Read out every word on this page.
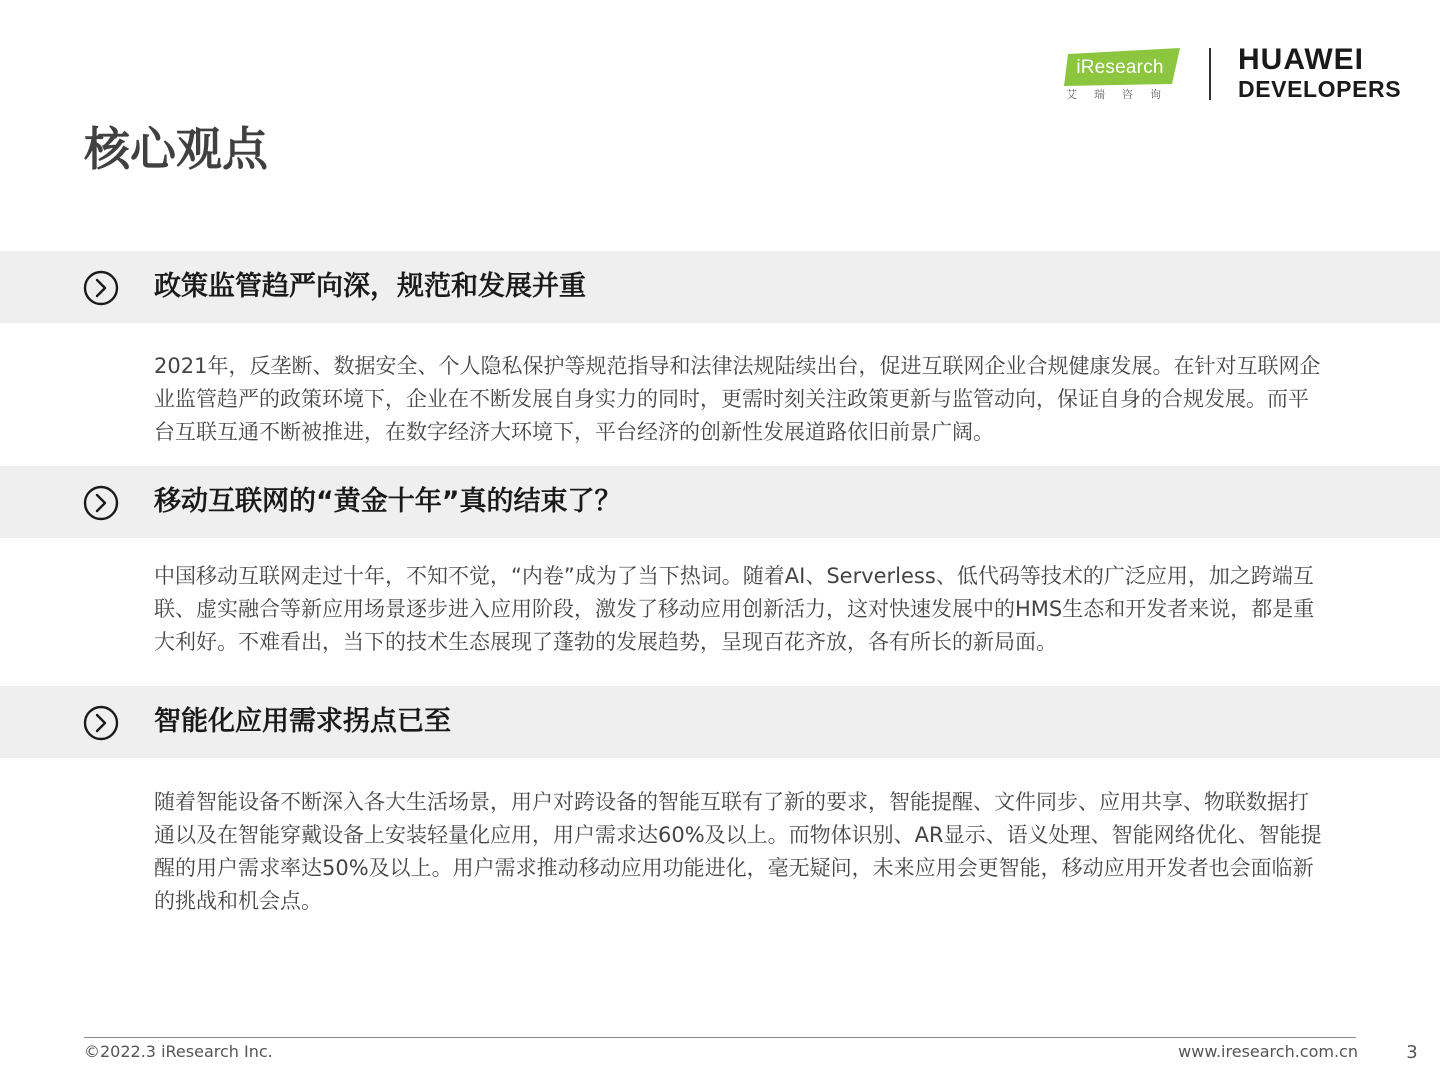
iResearch
艾瑞咨询
HUAWEI
DEVELOPERS
核心观点
政策监管趋严向深，规范和发展并重

2021年，反垄断、数据安全、个人隐私保护等规范指导和法律法规陆续出台，促进互联网企业合规健康发展。在针对互联网企业监管趋严的政策环境下，企业在不断发展自身实力的同时，更需时刻关注政策更新与监管动向，保证自身的合规发展。而平台互联互通不断被推进，在数字经济大环境下，平台经济的创新性发展道路依旧前景广阔。

移动互联网的“黄金十年”真的结束了？

中国移动互联网走过十年，不知不觉，“内卷”成为了当下热词。随着AI、Serverless、低代码等技术的广泛应用，加之跨端互联、虚实融合等新应用场景逐步进入应用阶段，激发了移动应用创新活力，这对快速发展中的HMS生态和开发者来说，都是重大利好。不难看出，当下的技术生态展现了蓬勃的发展趋势，呈现百花齐放，各有所长的新局面。

智能化应用需求拐点已至

随着智能设备不断深入各大生活场景，用户对跨设备的智能互联有了新的要求，智能提醒、文件同步、应用共享、物联数据打通以及在智能穿戴设备上安装轻量化应用，用户需求达60%及以上。而物体识别、AR显示、语义处理、智能网络优化、智能提醒的用户需求率达50%及以上。用户需求推动移动应用功能进化，毫无疑问，未来应用会更智能，移动应用开发者也会面临新的挑战和机会点。

©2022.3 iResearch Inc.	www.iresearch.com.cn	3
